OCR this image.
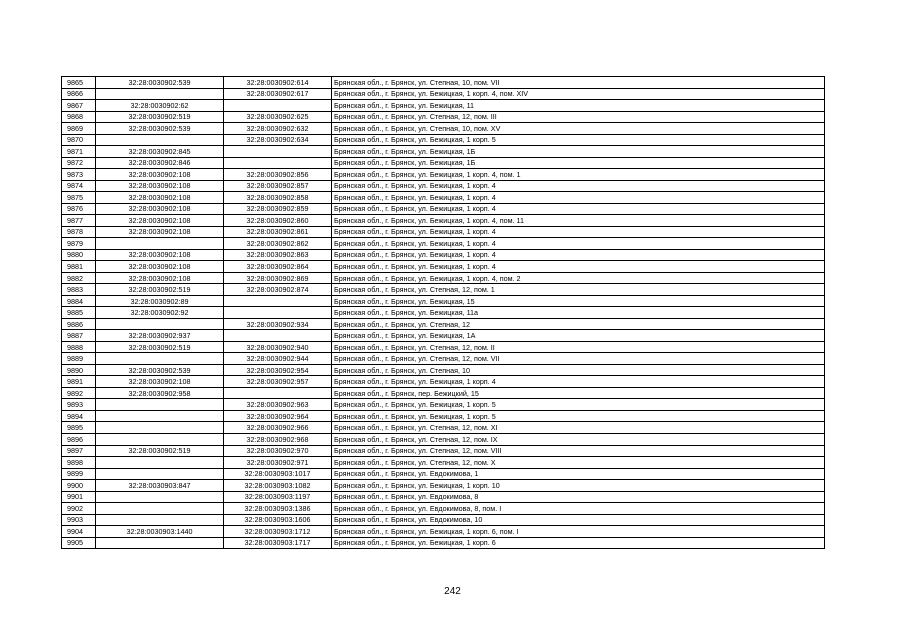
9865	32:28:0030902:539	32:28:0030902:614	Брянская обл., г. Брянск, ул. Степная, 10, пом. VII
9866		32:28:0030902:617	Брянская обл., г. Брянск, ул. Бежицкая, 1 корп. 4, пом. XIV
9867	32:28:0030902:62		Брянская обл., г. Брянск, ул. Бежицкая, 11
9868	32:28:0030902:519	32:28:0030902:625	Брянская обл., г. Брянск, ул. Степная, 12, пом. III
9869	32:28:0030902:539	32:28:0030902:632	Брянская обл., г. Брянск, ул. Степная, 10, пом. XV
9870		32:28:0030902:634	Брянская обл., г. Брянск, ул. Бежицкая, 1 корп. 5
9871	32:28:0030902:845		Брянская обл., г. Брянск, ул. Бежицкая, 1Б
9872	32:28:0030902:846		Брянская обл., г. Брянск, ул. Бежицкая, 1Б
9873	32:28:0030902:108	32:28:0030902:856	Брянская обл., г. Брянск, ул. Бежицкая, 1 корп. 4, пом. 1
9874	32:28:0030902:108	32:28:0030902:857	Брянская обл., г. Брянск, ул. Бежицкая, 1 корп. 4
9875	32:28:0030902:108	32:28:0030902:858	Брянская обл., г. Брянск, ул. Бежицкая, 1 корп. 4
9876	32:28:0030902:108	32:28:0030902:859	Брянская обл., г. Брянск, ул. Бежицкая, 1 корп. 4
9877	32:28:0030902:108	32:28:0030902:860	Брянская обл., г. Брянск, ул. Бежицкая, 1 корп. 4, пом. 11
9878	32:28:0030902:108	32:28:0030902:861	Брянская обл., г. Брянск, ул. Бежицкая, 1 корп. 4
9879		32:28:0030902:862	Брянская обл., г. Брянск, ул. Бежицкая, 1 корп. 4
9880	32:28:0030902:108	32:28:0030902:863	Брянская обл., г. Брянск, ул. Бежицкая, 1 корп. 4
9881	32:28:0030902:108	32:28:0030902:864	Брянская обл., г. Брянск, ул. Бежицкая, 1 корп. 4
9882	32:28:0030902:108	32:28:0030902:869	Брянская обл., г. Брянск, ул. Бежицкая, 1 корп. 4, пом. 2
9883	32:28:0030902:519	32:28:0030902:874	Брянская обл., г. Брянск, ул. Степная, 12, пом. 1
9884	32:28:0030902:89		Брянская обл., г. Брянск, ул. Бежицкая, 15
9885	32:28:0030902:92		Брянская обл., г. Брянск, ул. Бежицкая, 11а
9886		32:28:0030902:934	Брянская обл., г. Брянск, ул. Степная, 12
9887	32:28:0030902:937		Брянская обл., г. Брянск, ул. Бежицкая, 1А
9888	32:28:0030902:519	32:28:0030902:940	Брянская обл., г. Брянск, ул. Степная, 12, пом. II
9889		32:28:0030902:944	Брянская обл., г. Брянск, ул. Степная, 12, пом. VII
9890	32:28:0030902:539	32:28:0030902:954	Брянская обл., г. Брянск, ул. Степная, 10
9891	32:28:0030902:108	32:28:0030902:957	Брянская обл., г. Брянск, ул. Бежицкая, 1 корп. 4
9892	32:28:0030902:958		Брянская обл., г. Брянск, пер. Бежицкий, 15
9893		32:28:0030902:963	Брянская обл., г. Брянск, ул. Бежицкая, 1 корп. 5
9894		32:28:0030902:964	Брянская обл., г. Брянск, ул. Бежицкая, 1 корп. 5
9895		32:28:0030902:966	Брянская обл., г. Брянск, ул. Степная, 12, пом. XI
9896		32:28:0030902:968	Брянская обл., г. Брянск, ул. Степная, 12, пом. IX
9897	32:28:0030902:519	32:28:0030902:970	Брянская обл., г. Брянск, ул. Степная, 12, пом. VIII
9898		32:28:0030902:971	Брянская обл., г. Брянск, ул. Степная, 12, пом. X
9899		32:28:0030903:1017	Брянская обл., г. Брянск, ул. Евдокимова, 1
9900	32:28:0030903:847	32:28:0030903:1082	Брянская обл., г. Брянск, ул. Бежицкая, 1 корп. 10
9901		32:28:0030903:1197	Брянская обл., г. Брянск, ул. Евдокимова, 8
9902		32:28:0030903:1386	Брянская обл., г. Брянск, ул. Евдокимова, 8, пом. I
9903		32:28:0030903:1606	Брянская обл., г. Брянск, ул. Евдокимова, 10
9904	32:28:0030903:1440	32:28:0030903:1712	Брянская обл., г. Брянск, ул. Бежицкая, 1 корп. 6, пом. I
9905		32:28:0030903:1717	Брянская обл., г. Брянск, ул. Бежицкая, 1 корп. 6
242
